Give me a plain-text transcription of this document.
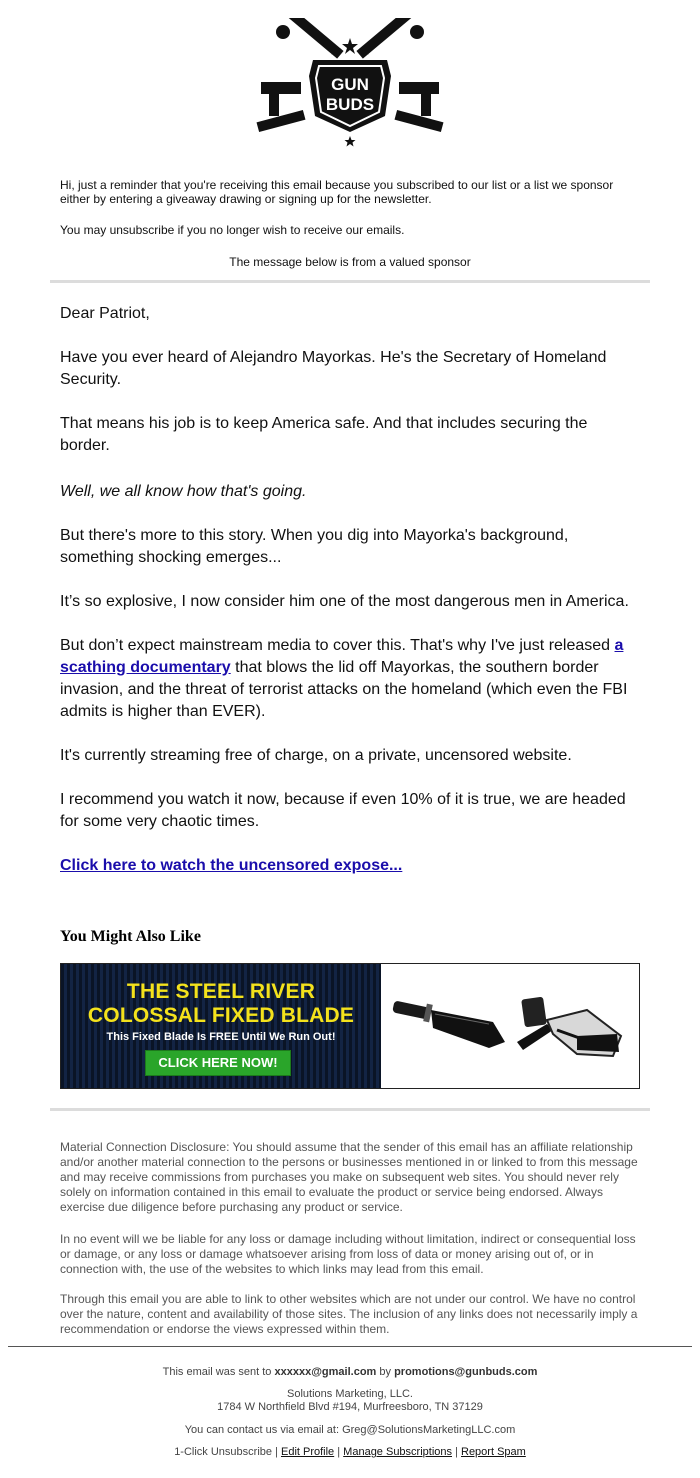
GUN
BUDS
Hi, just a reminder that you're receiving this email because you subscribed to our list or a list we sponsor either by entering a giveaway drawing or signing up for the newsletter.
You may unsubscribe if you no longer wish to receive our emails.
The message below is from a valued sponsor

Dear Patriot,

Have you ever heard of Alejandro Mayorkas. He's the Secretary of Homeland Security.

That means his job is to keep America safe. And that includes securing the border.

Well, we all know how that's going.

But there's more to this story. When you dig into Mayorka's background, something shocking emerges...

It’s so explosive, I now consider him one of the most dangerous men in America.

But don’t expect mainstream media to cover this. That's why I've just released a scathing documentary that blows the lid off Mayorkas, the southern border invasion, and the threat of terrorist attacks on the homeland (which even the FBI admits is higher than EVER).

It's currently streaming free of charge, on a private, uncensored website.

I recommend you watch it now, because if even 10% of it is true, we are headed for some very chaotic times.

Click here to watch the uncensored expose...
You Might Also Like
THE STEEL RIVER
COLOSSAL FIXED BLADE
This Fixed Blade Is FREE Until We Run Out!
CLICK HERE NOW!
Material Connection Disclosure: You should assume that the sender of this email has an affiliate relationship and/or another material connection to the persons or businesses mentioned in or linked to from this message and may receive commissions from purchases you make on subsequent web sites. You should never rely solely on information contained in this email to evaluate the product or service being endorsed. Always exercise due diligence before purchasing any product or service.
In no event will we be liable for any loss or damage including without limitation, indirect or consequential loss or damage, or any loss or damage whatsoever arising from loss of data or money arising out of, or in connection with, the use of the websites to which links may lead from this email.
Through this email you are able to link to other websites which are not under our control. We have no control over the nature, content and availability of those sites. The inclusion of any links does not necessarily imply a recommendation or endorse the views expressed within them.
This email was sent to xxxxxx@gmail.com by promotions@gunbuds.com
Solutions Marketing, LLC.
1784 W Northfield Blvd #194, Murfreesboro, TN 37129
You can contact us via email at: Greg@SolutionsMarketingLLC.com
1-Click Unsubscribe | Edit Profile | Manage Subscriptions | Report Spam
